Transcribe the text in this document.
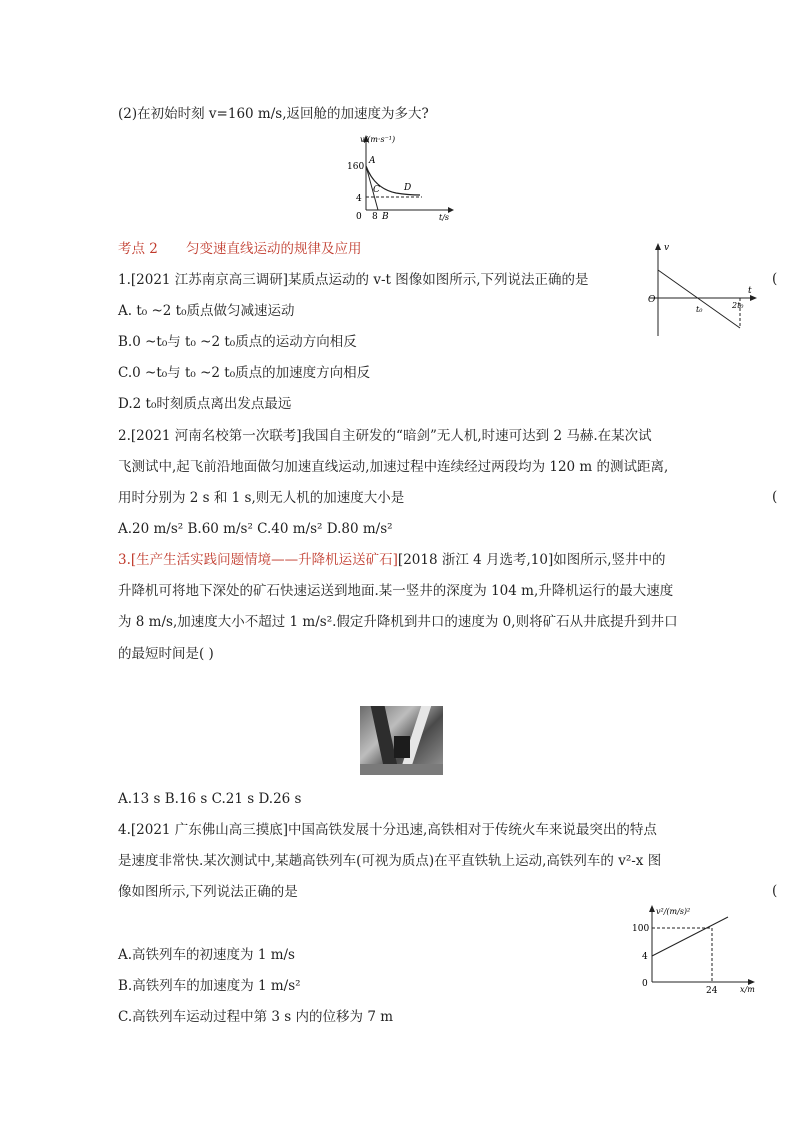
(2)在初始时刻 v=160 m/s,返回舱的加速度为多大?
v/(m·s⁻¹)
t/s
160
4
0 8
A
B
C	D
考点 2 匀变速直线运动的规律及应用
1.[2021 江苏南京高三调研]某质点运动的 v-t 图像如图所示,下列说法正确的是	(
A. t₀ ~2 t₀质点做匀减速运动
B.0 ~t₀与 t₀ ~2 t₀质点的运动方向相反
C.0 ~t₀与 t₀ ~2 t₀质点的加速度方向相反
D.2 t₀时刻质点离出发点最远
v
t
O
t₀	2t₀
2.[2021 河南名校第一次联考]我国自主研发的“暗剑”无人机,时速可达到 2 马赫.在某次试
飞测试中,起飞前沿地面做匀加速直线运动,加速过程中连续经过两段均为 120 m 的测试距离,
用时分别为 2 s 和 1 s,则无人机的加速度大小是	(
A.20 m/s² B.60 m/s² C.40 m/s² D.80 m/s²
3.[生产生活实践问题情境——升降机运送矿石][2018 浙江 4 月选考,10]如图所示,竖井中的
升降机可将地下深处的矿石快速运送到地面.某一竖井的深度为 104 m,升降机运行的最大速度
为 8 m/s,加速度大小不超过 1 m/s².假定升降机到井口的速度为 0,则将矿石从井底提升到井口
的最短时间是( )
A.13 s B.16 s C.21 s D.26 s
4.[2021 广东佛山高三摸底]中国高铁发展十分迅速,高铁相对于传统火车来说最突出的特点
是速度非常快.某次测试中,某趟高铁列车(可视为质点)在平直铁轨上运动,高铁列车的 v²-x 图
像如图所示,下列说法正确的是	(
v²/(m/s)²
x/m
100
4
0
24
A.高铁列车的初速度为 1 m/s
B.高铁列车的加速度为 1 m/s²
C.高铁列车运动过程中第 3 s 内的位移为 7 m
